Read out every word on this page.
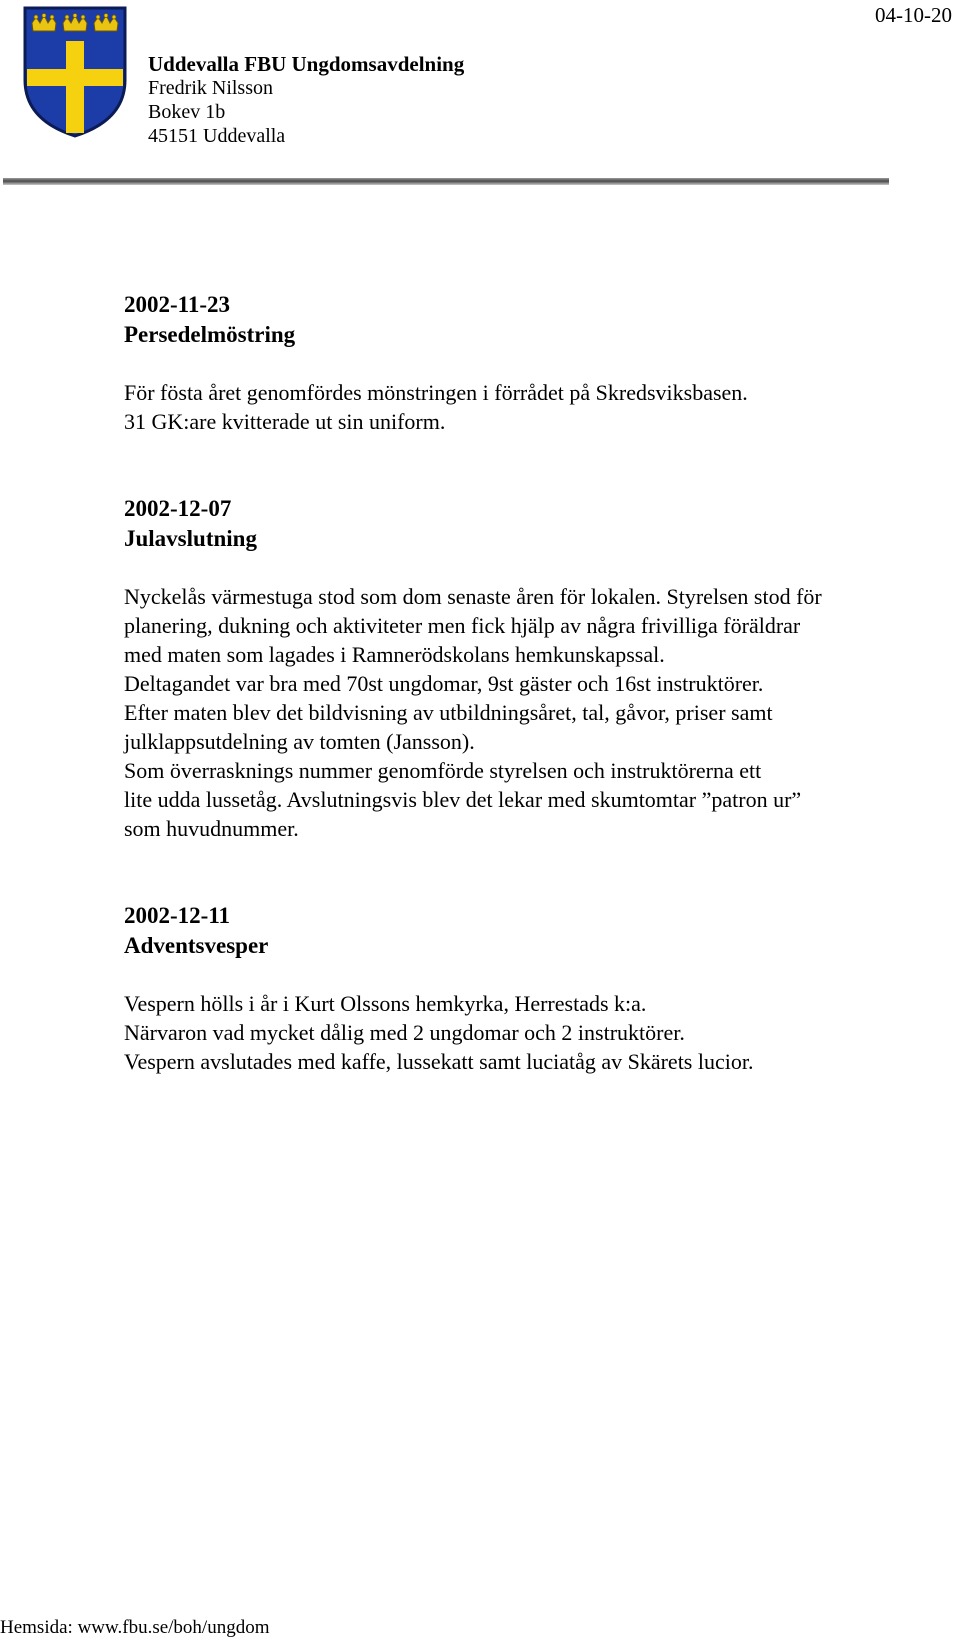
04-10-20
Uddevalla FBU Ungdomsavdelning
Fredrik Nilsson
Bokev 1b
45151 Uddevalla
2002-11-23
Persedelmöstring
För fösta året genomfördes mönstringen i förrådet på Skredsviksbasen.
31 GK:are kvitterade ut sin uniform.
2002-12-07
Julavslutning
Nyckelås värmestuga stod som dom senaste åren för lokalen. Styrelsen stod för
planering, dukning och aktiviteter men fick hjälp av några frivilliga föräldrar
med maten som lagades i Ramnerödskolans hemkunskapssal.
Deltagandet var bra med 70st ungdomar, 9st gäster och 16st instruktörer.
Efter maten blev det bildvisning av utbildningsåret, tal, gåvor, priser samt
julklappsutdelning av tomten (Jansson).
Som överrasknings nummer genomförde styrelsen och instruktörerna ett
lite udda lussetåg. Avslutningsvis blev det lekar med skumtomtar ”patron ur”
som huvudnummer.
2002-12-11
Adventsvesper
Vespern hölls i år i Kurt Olssons hemkyrka, Herrestads k:a.
Närvaron vad mycket dålig med 2 ungdomar och 2 instruktörer.
Vespern avslutades med kaffe, lussekatt samt luciatåg av Skärets lucior.
Hemsida: www.fbu.se/boh/ungdom
